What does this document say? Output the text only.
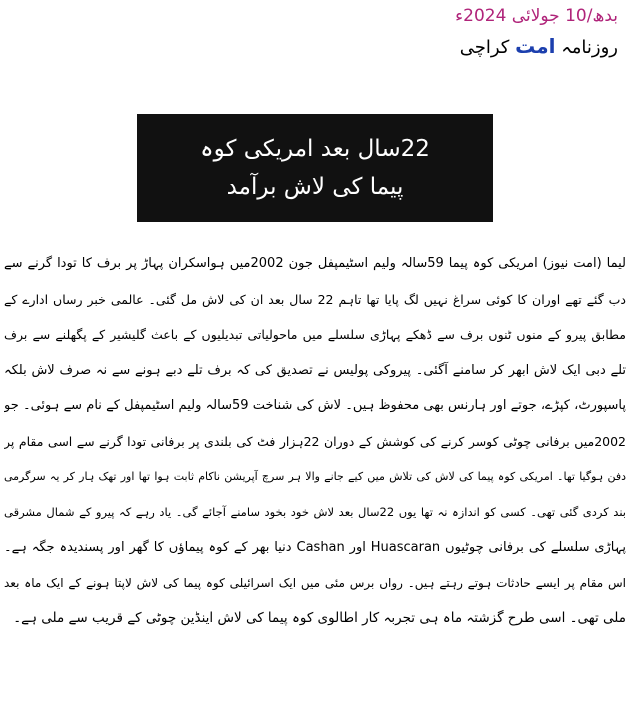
بدھ/10 جولائی 2024ء
روزنامہ امت کراچی
22سال بعد امریکی کوہ
پیما کی لاش برآمد
لیما (امت نیوز) امریکی کوہ پیما 59سالہ ولیم اسٹیمپفل جون 2002میں ہواسکران پہاڑ پر برف کا تودا گرنے سے
دب گئے تھے اوران کا کوئی سراغ نہیں لگ پایا تھا تاہم 22 سال بعد ان کی لاش مل گئی۔ عالمی خبر رساں ادارے کے
مطابق پیرو کے منوں ٹنوں برف سے ڈھکے پہاڑی سلسلے میں ماحولیاتی تبدیلیوں کے باعث گلیشیر کے پگھلنے سے برف
تلے دبی ایک لاش ابھر کر سامنے آگئی۔ پیروکی پولیس نے تصدیق کی کہ برف تلے دبے ہونے سے نہ صرف لاش بلکہ
پاسپورٹ، کپڑے، جوتے اور ہارنس بھی محفوظ ہیں۔ لاش کی شناخت 59سالہ ولیم اسٹیمپفل کے نام سے ہوئی۔ جو
2002میں برفانی چوٹی کوسر کرنے کی کوشش کے دوران 22ہزار فٹ کی بلندی پر برفانی تودا گرنے سے اسی مقام پر
دفن ہوگیا تھا۔ امریکی کوہ پیما کی لاش کی تلاش میں کیے جانے والا ہر سرچ آپریشن ناکام ثابت ہوا تھا اور تھک ہار کر یہ سرگرمی
بند کردی گئی تھی۔ کسی کو اندازہ نہ تھا یوں 22سال بعد لاش خود بخود سامنے آجائے گی۔ یاد رہے کہ پیرو کے شمال مشرقی
پہاڑی سلسلے کی برفانی چوٹیوں Huascaran اور Cashan دنیا بھر کے کوہ پیماؤں کا گھر اور پسندیدہ جگہ ہے۔
اس مقام پر ایسے حادثات ہوتے رہتے ہیں۔ رواں برس مئی میں ایک اسرائیلی کوہ پیما کی لاش لاپتا ہونے کے ایک ماہ بعد
ملی تھی۔ اسی طرح گزشتہ ماہ ہی تجربہ کار اطالوی کوہ پیما کی لاش اینڈین چوٹی کے قریب سے ملی ہے۔
